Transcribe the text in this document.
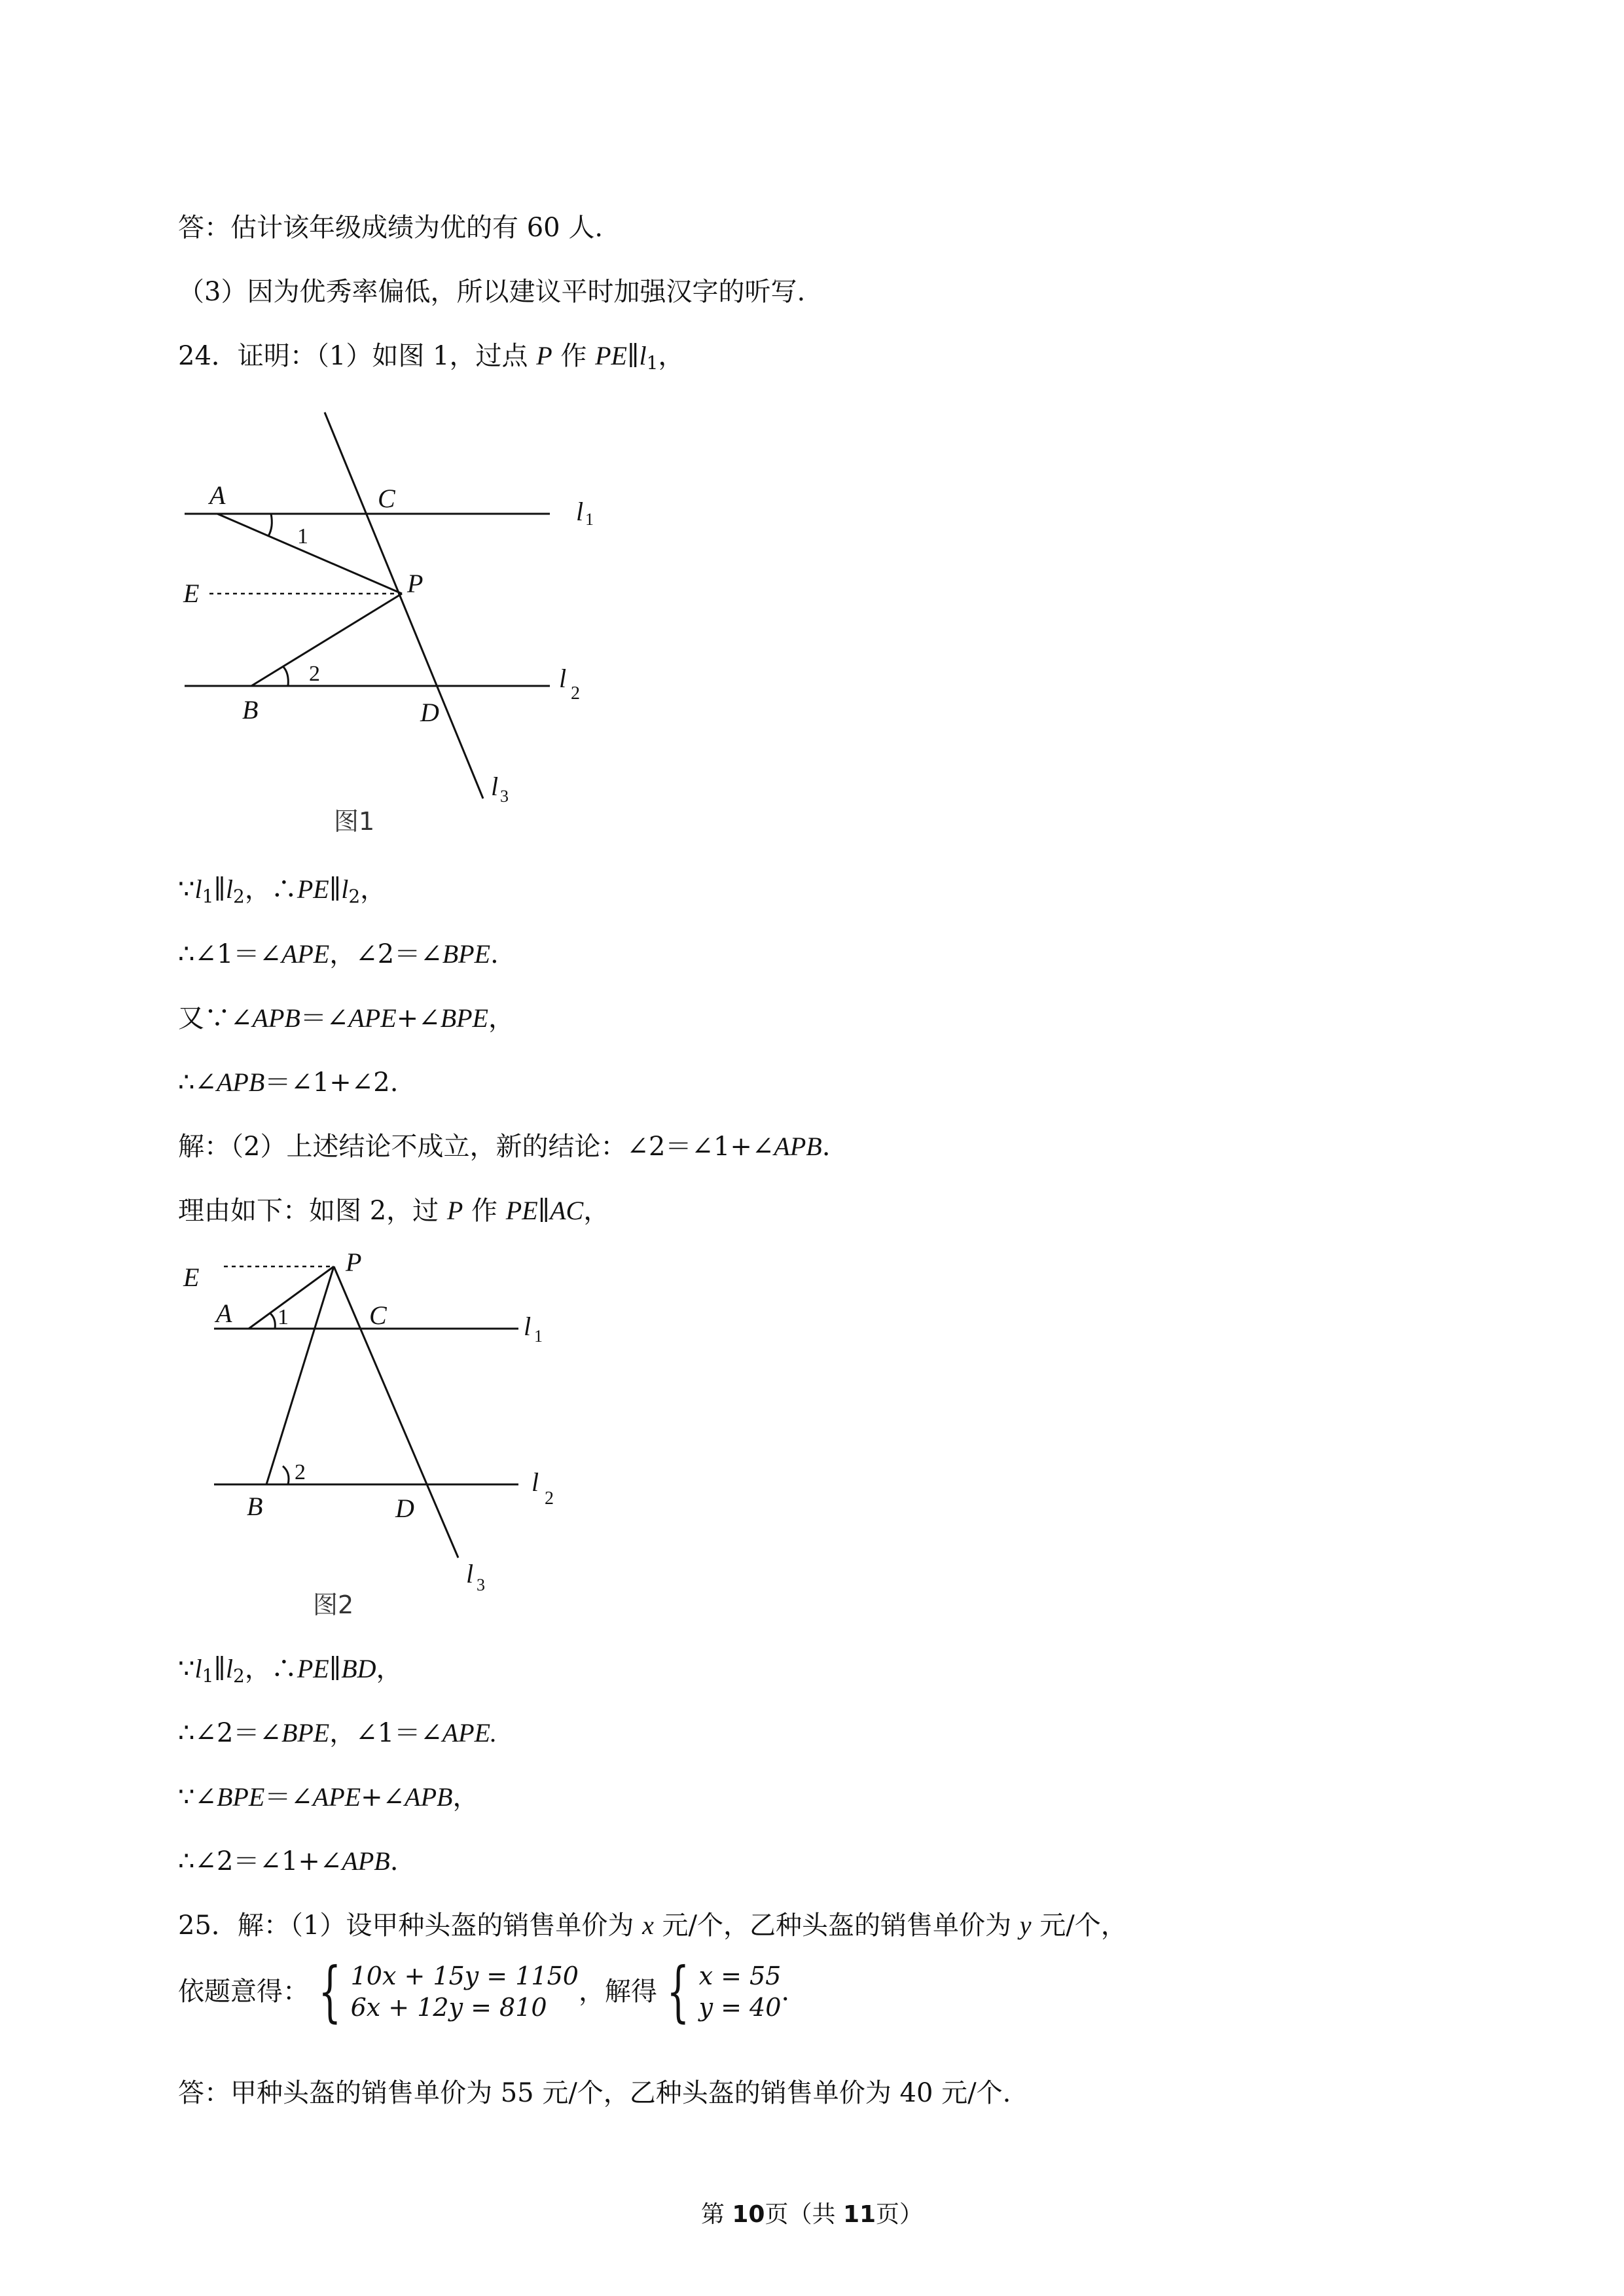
答：估计该年级成绩为优的有 60 人.
（3）因为优秀率偏低，所以建议平时加强汉字的听写.
24．证明：（1）如图 1，过点 P 作 $PE\parallel l_1$，
A	C	l 1
E	P
1
2
B	D
l
2
l 3
图1
$\because l_1\parallel l_2$，$\therefore PE\parallel l_2$，
∴∠1＝∠APE，∠2＝∠BPE.
又∵∠APB＝∠APE+∠BPE，
∴∠APB＝∠1+∠2.
解：（2）上述结论不成立，新的结论：∠2＝∠1+∠APB.
理由如下：如图 2，过 P 作 PE∥AC，
E
P
A 1	C	l 1
2
B	D
l
2
l 3
图2
$\because l_1\parallel l_2$，∴PE∥BD，
∴∠2＝∠BPE，∠1＝∠APE.
∵∠BPE＝∠APE+∠APB，
∴∠2＝∠1+∠APB.
25．解：（1）设甲种头盔的销售单价为 x 元/个，乙种头盔的销售单价为 y 元/个，
依题意得： { 10x + 15y = 1150
6x + 12y = 810，解得 { x = 55
y = 40.
答：甲种头盔的销售单价为 55 元/个，乙种头盔的销售单价为 40 元/个.
第 10页（共 11页）
